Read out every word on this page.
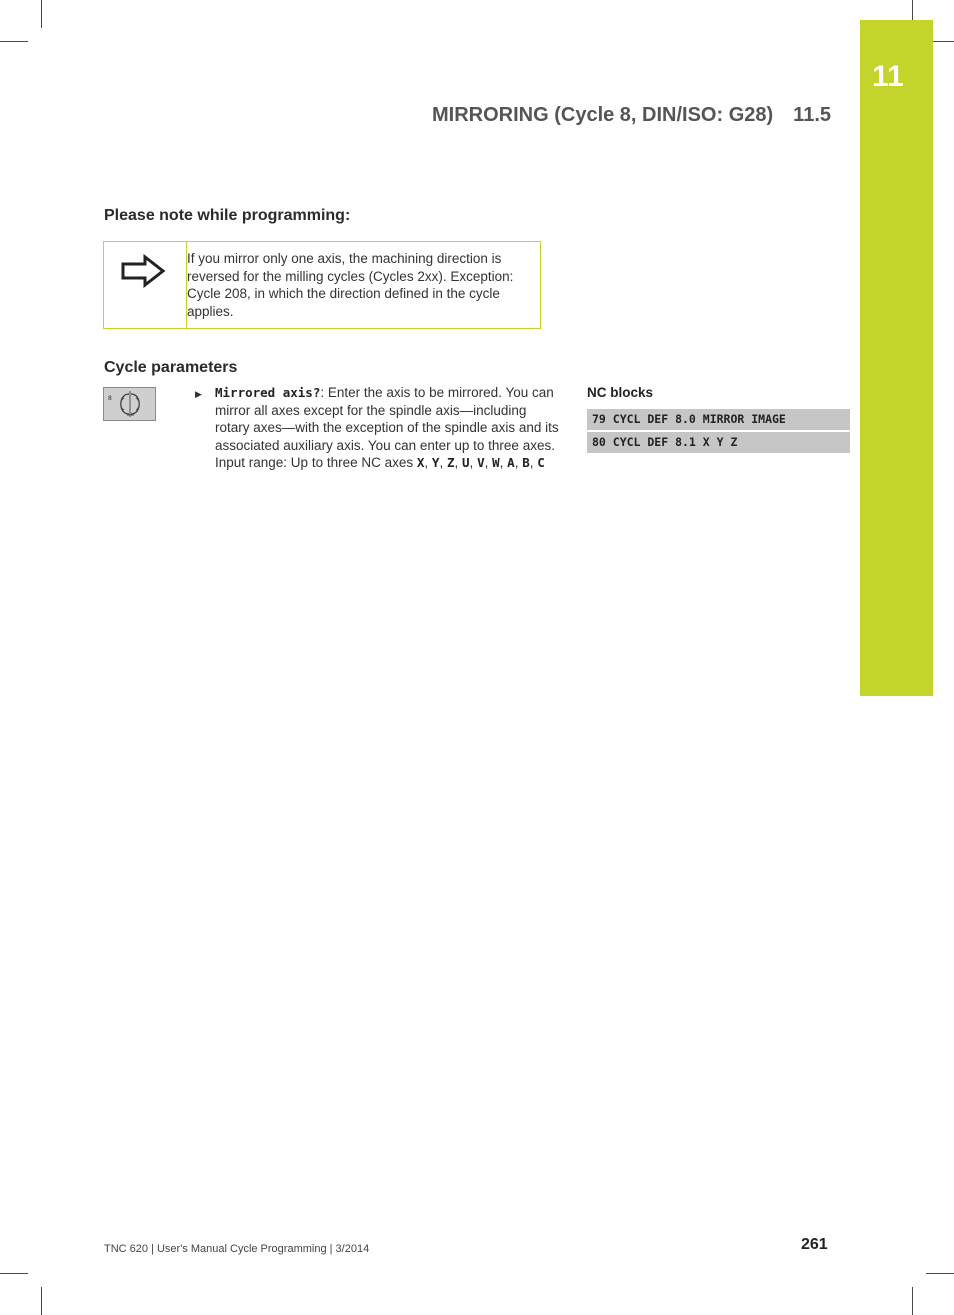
11
MIRRORING (Cycle 8, DIN/ISO: G28) 11.5
Please note while programming:
If you mirror only one axis, the machining direction is reversed for the milling cycles (Cycles 2xx). Exception: Cycle 208, in which the direction defined in the cycle applies.
Cycle parameters
8	▶ Mirrored axis?: Enter the axis to be mirrored. You can mirror all axes except for the spindle axis—including rotary axes—with the exception of the spindle axis and its associated auxiliary axis. You can enter up to three axes. Input range: Up to three NC axes X, Y, Z, U, V, W, A, B, C
NC blocks
79 CYCL DEF 8.0 MIRROR IMAGE
80 CYCL DEF 8.1 X Y Z
TNC 620 | User's Manual Cycle Programming | 3/2014	261
